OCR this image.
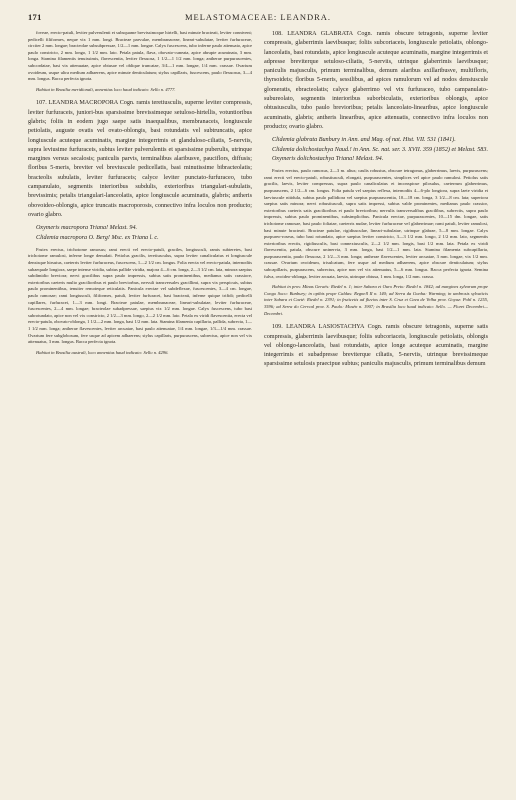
171	MELASTOMACEAE: LEANDRA.

foveae, erecto-patuli, leviter pulverulenti et subsquame brevissimoque hirtelli, basi minute bracteati, leviter connivent; pedicelli filiformes, neque vix 1 mm. longi. Bracteae parvulae, membranaceae, lineari-subulatae, leviter furfuraceae, circiter 2 mm. longae; bracteolae subsubpressae, 1/2—1 mm. longae. Calyx fuscescens, tubo inferne paulo attenuato, apice paulo constricto, 2 mm. longo, 1 1/2 mm. lato. Petala patula, flava, obovato-cuneata, apice abrupte acuminata, 3 mm. longa. Stamina filamentis tenuissimis, flavescentia, leviter flexuosa, 1 1/2—1 1/2 mm. longa; antherae purpurascentes, subcordatae, basi vix attenuatae, apice obtusae vel oblique truncatae, 3/4—1 mm. longae, 1/4 mm. crassae. Ovarium ovoideum, usque ultra medium adhaerens, apice minute denticulatum; stylus capillaris, fuscescens, paulo flexuosus, 3—4 mm. longus. Bacca perfecta ignota.

Habitat in Brasilia meridionali, annentius loco haud indicato: Sello n. 4777.

107. LEANDRA MACROPORA Cogn. ramis teretiusculis, superne leviter compressis, leviter furfuraceis, juniori-bus sparsissime brevissimeque setuloso-hirtellis, votuntioribus glabris; foliis in eodem jugo saepe satis inaequalibus, membranaceis, longiuscule petiolatis, auguste ovatis vel ovato-oblongis, basi rotundatis vel subtruncatis, apice longiuscule acuteque acuminatis, margine integerrimis et glanduloso-ciliatis, 5-nerviis, supra leviusime furfuraceis, subtus leviter pulverulentis et sparsissime puberulis, utrinque margines versus secalosis; paniculis parvis, terminalibus alaribusve, pauciflors, diffusis; floribus 5-meris, breviter vel breviuscule pedicellatis, basi minutissime bibracteolatis; bracteolis subulatis, leviter furfuraceis; calyce leviter punctato-furfuraceo, tubo campanulato, segmentis interioribus subdulis, exterioribus triangulari-subulatis, brevissimis; petalis triangulari-lanceolatis, apice longiuscule acuminatis, glabris; antheris obovoideo-oblongis, apice truncatis macroporosis, connectivo infra loculos non producto; ovario glabro.

Oxymeris macropora Triana! Melast. 94.

Clidemia macropora O. Berg! Msc. ex Triana l. c.

Frutex erectus, trichotome ramosus; rami erecti vel erecto-patuli, graciles, longiusculi, ramis subteretes, basi trichotome ramulosi, inferne longe denudati. Petiolus gracilis, teretiusculus, supra leviter canaliculatus et longiuscule densisque hirsutus, caeterris leviter furfuraceus, fuscescens, 1—2 1/2 cm. longus. Folia erecta vel erecto-patula, internodiis subaequale longiora, saepe intense viridia, subtus pallide viridia, majora 4—6 cm. longa, 2—3 1/2 cm. lata, minora saepius subdimidio breviora; nervi gracilibus supra paulo impressis, subtus satis prominentibus, medianus satis crassiore, exterioribus caeteris multo gracilioribus et paulo breviorbus, nervuli transversales gracillimi, supra vix perspicuis, subtus paulo prominentibus, tenuiter remoteque reticulatis. Panicula erectae vel subdeflexae, fuscescentes, 3—4 cm. longae, paulo ramosae; rami longiusculi, filiformes, patuli, leviter furfuracei, basi bracteati, inferne quique trifidi; pedicelli capillares, furfuracei, 1—3 mm. longi. Bracteae patulae, membranaceae, lineari-subulatae, leviter furfuraceae, fuscescentes, 2—4 mm. longae; bracteolae subadpressae, saepius vix 1/2 mm. longae. Calyx fuscescens, tubo basi subrotundato, apice non vel vix constricto, 2 1/2—3 mm. longo, 2—2 1/2 mm. lato. Petala ex viridi flavescentia, erecta vel erecto-patula, obovato-oblonga, 1 1/2—2 mm. longa, basi 1/2 mm. lata. Stamina filamenta capillaria, pallida, subrecta, 1—1 1/2 mm. longa; antherae flavescentes, leviter arcuatae, basi paulo attenuatae, 1/4 mm. longae, 1/3—1/4 mm. crassae. Ovarium fere subglobosum, fere usque ad apicem adhaerens; stylus capillaris, purpurascens, subrectus, apice non vel vix attenuatus, 3 mm. longus. Bacca perfecta ignota.

Habitat in Brasilia australi, loco annentius haud indicato: Sello n. 4296.

108. LEANDRA GLABRATA Cogn. ramis obscure tetragonis, superne leviter compressis, glaberrimis laevibusque; foliis subcoriaceis, longiuscule petiolatis, oblongo-lanceolatis, basi rotundatis, apice longiuscule acuteque acuminatis, margine integerrimis et adpresse breviterque setuloso-ciliatis, 5-nerviis, utrinque glaberrimis laevibusque; paniculis majusculis, primum terminalibus, demum alaribus axillaribusve, multifloris, thyrsoideis; floribus 5-meris, sessilibus, ad apices ramulorum vel ad nodos densiuscule glomeratis, ebracteolatis; calyce glaberrimo vel vix furfuraceo, tubo campanulato-subureolato, segmentis interioribus suborbiculatis, exterioribus oblongis, apice obtusiusculis, tubo paulo brevioribus; petalis lanceolato-linearibus, apice longiuscule acuminatis, glabris; antheris linearibus, apice attenuatis, connectivo infra loculos non producto; ovario glabro.

Clidemia glabrata Bunbury in Ann. and Mag. of nat. Hist. VII. 531 (1841).

Clidemia dolichostachya Naud.! in Ann. Sc. nat. ser. 3. XVII. 359 (1852) et Melast. 583.

Oxymeris dolichostachya Triana! Melast. 94.

Frutex erectus, paulo ramosus, 2—3 m. altus; caulis robustus, obscure tetragonus, glaberrimus, laevis, purpurascens; rami erecti vel erecto-patuli, robustiusculi, elongati, purpurascentes, simplices vel apice paulo ramulosi. Petiolus satis gracilis, laevis, leviter compressus, supra paulo canaliculatus et inconspicue pilosulus, caeterrum glaberrimus, purpurascens, 2 1/2—6 cm. longus. Folia patula vel saepius reflexa, internodiis 4—6-plo longiora, supra laete viridia et laeviuscule nitidula, subtus paulo pallidiora vel saepius purpurascentia, 10—18 cm. longa, 3 1/2—8 cm. lata; superiora saepius satis minora; nervi robustiusculi, supra satis impressi, subtus valde prominentes, medianus paulo crassior, exterioribus caeteris satis gracilioribus et paulo brevioribus; nervulis transversalibus gracilibus, subrectis, supra paulo impressis, subtus paulo prominentibus, subsimplicibus. Panicula erectae, purpurascentes, 10—15 dm. longae, satis trichotome ramosae, basi paulo foliatae, caeterris nudae, leviter furfuraceae vel glaberrimae; rami patuli, leviter ramulosi, basi minute bracteati. Bracteae patulae, rigidiusculae, lineari-subulatae, utrinque glabrae, 5—8 mm. longae. Calyx purpureo-roseus, tubo basi rotundato, apice saepius leviter constricto, 3—3 1/2 mm. longo, 2 1/2 mm. lato, segmentis exterioribus erectis, rigidiusculis, basi connexiusculis, 2—2 1/2 mm. longis, basi 1/2 mm. lata. Petala ex viridi flavescentia, patula, obscure uninervia, 3 mm. longa, basi 1/2—1 mm. lata. Stamina filamenta subcapillaria, purpurascentia, paulo flexuosa, 2 1/2—3 mm. longa; antherae flavescentes, leviter arcuatae, 3 mm. longae, vix 1/2 mm. crassae. Ovarium ovoideum, trisulcatum, fere usque ad medium adhaerens, apice obscure denticulatum; stylus subcapillaris, purpurascens, subrectus, apice non vel vix attenuatus, 5—6 mm. longus. Bacca perfecta ignota. Semina fulva, ovoideo-oblonga, leviter arcuata, laevia, utrinque obtusa, 1 mm. longa, 1/2 mm. crassa.

Habitat in prov. Minas Geraës: Riedel n. 1; inter Sabara et Ouro Preto: Riedel n. 1842; ad margines sylvarum prope Congo Soco: Bunbury; in opibis prope Caldas: Regnell II n. 140; ad Serra da Gonha: Warming; in umbrosis sylvaticis inter Sabara et Caeté: Riedel n. 2391; in fruticetis ad fluvios inter S. Cruz et Cava de Velha prov. Goyaz: Pohl n. 1255, 3596; ad Serra do Cerrcal prov. S. Paulo: Mosén n. 1907; in Brasilia loco haud indicato: Sello. — Floret Decembri—Decembri.

109. LEANDRA LASIOSTACHYA Cogn. ramis obscure tetragonis, superne satis compressis, glaberrimis laevibusque; foliis subcoriaceis, longiuscule petiolatis, oblongis vel oblongo-lanceolatis, basi rotundatis, apice longe acuteque acuminatis, margine integerrimis et subadpresse breviterque ciliatis, 5-nerviis, utrinque brevissimeque sparsissime setulosis praecipue subtus; paniculis majusculis, primum terminalibus demum
